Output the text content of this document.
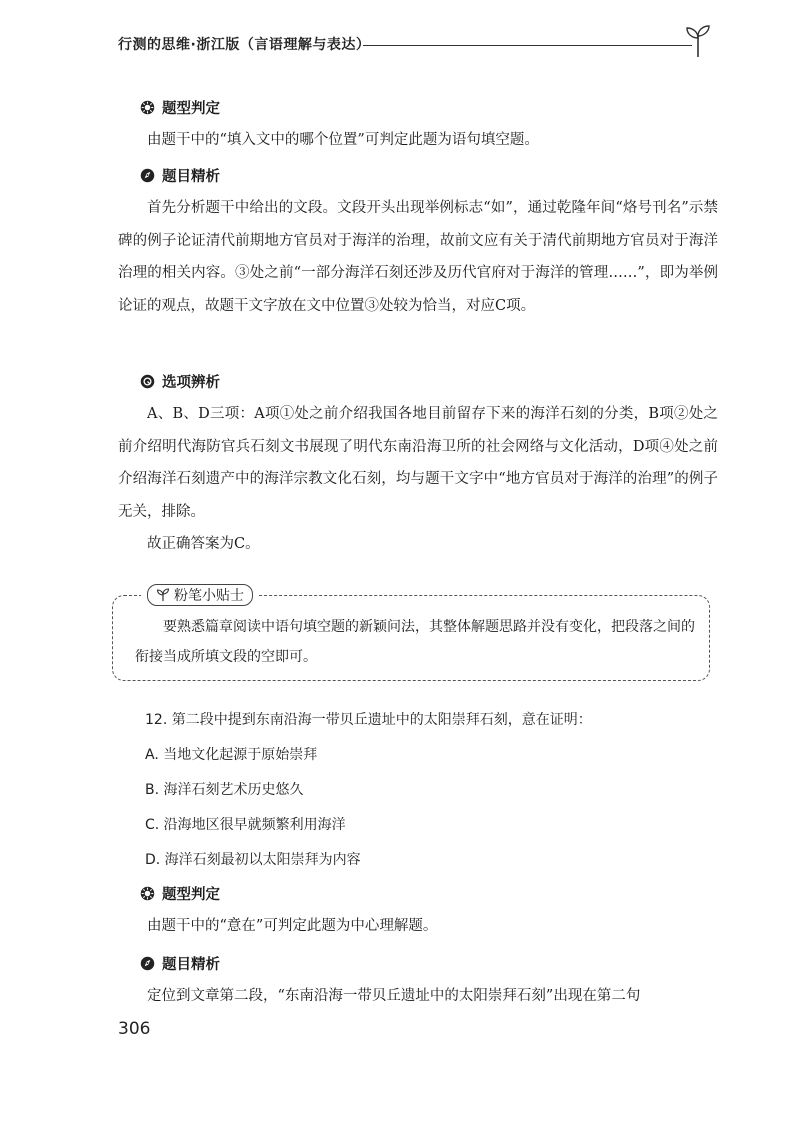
行测的思维·浙江版（言语理解与表达）
题型判定

由题干中的“填入文中的哪个位置”可判定此题为语句填空题。

题目精析

首先分析题干中给出的文段。文段开头出现举例标志“如”，通过乾隆年间“烙号刊名”示禁碑的例子论证清代前期地方官员对于海洋的治理，故前文应有关于清代前期地方官员对于海洋治理的相关内容。③处之前“一部分海洋石刻还涉及历代官府对于海洋的管理……”，即为举例论证的观点，故题干文字放在文中位置③处较为恰当，对应C项。

选项辨析

A、B、D三项：A项①处之前介绍我国各地目前留存下来的海洋石刻的分类，B项②处之前介绍明代海防官兵石刻文书展现了明代东南沿海卫所的社会网络与文化活动，D项④处之前介绍海洋石刻遗产中的海洋宗教文化石刻，均与题干文字中“地方官员对于海洋的治理”的例子无关，排除。

故正确答案为C。

粉笔小贴士

要熟悉篇章阅读中语句填空题的新颖问法，其整体解题思路并没有变化，把段落之间的衔接当成所填文段的空即可。

12. 第二段中提到东南沿海一带贝丘遗址中的太阳崇拜石刻，意在证明：
A. 当地文化起源于原始崇拜
B. 海洋石刻艺术历史悠久
C. 沿海地区很早就频繁利用海洋
D. 海洋石刻最初以太阳崇拜为内容
题型判定

由题干中的“意在”可判定此题为中心理解题。

题目精析

定位到文章第二段，“东南沿海一带贝丘遗址中的太阳崇拜石刻”出现在第二句

306
